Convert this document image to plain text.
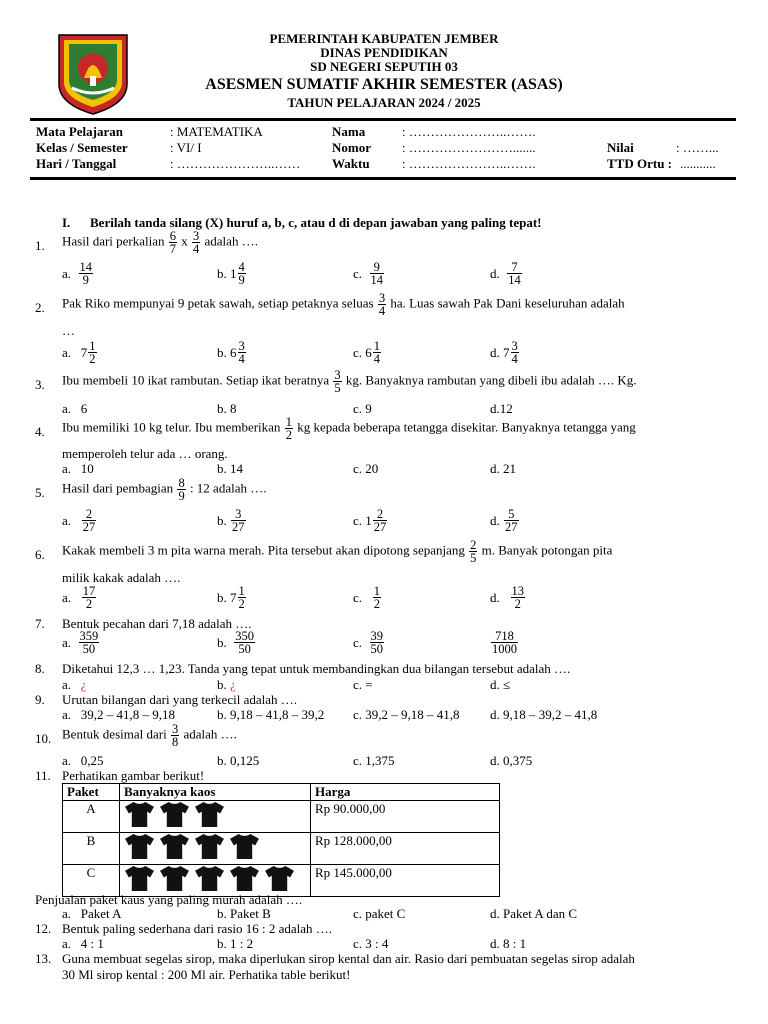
PEMERINTAH KABUPATEN JEMBER
DINAS PENDIDIKAN
SD NEGERI SEPUTIH 03
ASESMEN SUMATIF AKHIR SEMESTER (ASAS)
TAHUN PELAJARAN 2024 / 2025
Mata Pelajaran	: MATEMATIKA
Kelas / Semester	: VI/ I
Hari / Tanggal	: …………………..……
Nama	: …………………..…….
Nomor : …………………….......
Waktu : …………………..…….
Nilai	: ……...
TTD Ortu : ...........
I. Berilah tanda silang (X) huruf a, b, c, atau d di depan jawaban yang paling tepat!
1. Hasil dari perkalian $\frac{6}{7}$ x $\frac{3}{4}$ adalah ….
a. $\frac{14}{9}$	b. $1 \frac{4}{9}$	c. $\frac{9}{14}$	d. $\frac{7}{14}$
2. Pak Riko mempunyai 9 petak sawah, setiap petaknya seluas $\frac{3}{4}$ ha. Luas sawah Pak Dani keseluruhan adalah
…
a. $7 \frac{1}{2}$	b. $6 \frac{3}{4}$	c. $6 \frac{1}{4}$	d. $7 \frac{3}{4}$
3. Ibu membeli 10 ikat rambutan. Setiap ikat beratnya $\frac{3}{5}$ kg. Banyaknya rambutan yang dibeli ibu adalah …. Kg.
a.   6	b. 8	c. 9	d.12
4. Ibu memiliki 10 kg telur. Ibu memberikan $\frac{1}{2}$ kg kepada beberapa tetangga disekitar. Banyaknya tetangga yang
memperoleh telur ada … orang.
a.   10	b. 14	c. 20	d. 21
5. Hasil dari pembagian $\frac{8}{9}$ : 12 adalah ….
a. $\frac{2}{27}$	b. $\frac{3}{27}$	c. $1 \frac{2}{27}$	d. $\frac{5}{27}$
6. Kakak membeli 3 m pita warna merah. Pita tersebut akan dipotong sepanjang $\frac{2}{5} m$. Banyak potongan pita
milik kakak adalah ….
a. $\frac{17}{2}$	b. $7 \frac{1}{2}$	c. $\frac{1}{2}$	d. $\frac{13}{2}$
7. Bentuk pecahan dari 7,18 adalah ….
a. $\frac{359}{50}$	b. $\frac{350}{50}$	c. $\frac{39}{50}$	$\frac{718}{1000}$
8. Diketahui 12,3 … 1,23. Tanda yang tepat untuk membandingkan dua bilangan tersebut adalah ….
a. ¿	b. ¿	c. =	d. ≤
9. Urutan bilangan dari yang terkecil adalah ….
a.   39,2 – 41,8 – 9,18	b. 9,18 – 41,8 – 39,2 c. 39,2 – 9,18 – 41,8 d. 9,18 – 39,2 – 41,8
10. Bentuk desimal dari $\frac{3}{8}$ adalah ….
a.   0,25	b. 0,125	c. 1,375	d. 0,375
11. Perhatikan gambar berikut!
Paket	Banyaknya kaos	Harga
A		Rp 90.000,00
B		Rp 128.000,00
C		Rp 145.000,00
Penjualan paket kaus yang paling murah adalah ….
a.   Paket A	b. Paket B	c. paket C	d. Paket A dan C
12. Bentuk paling sederhana dari rasio 16 : 2 adalah ….
a.   4 : 1	b. 1 : 2	c. 3 : 4	d. 8 : 1
13. Guna membuat segelas sirop, maka diperlukan sirop kental dan air. Rasio dari pembuatan segelas sirop adalah
30 Ml sirop kental : 200 Ml air. Perhatika table berikut!
